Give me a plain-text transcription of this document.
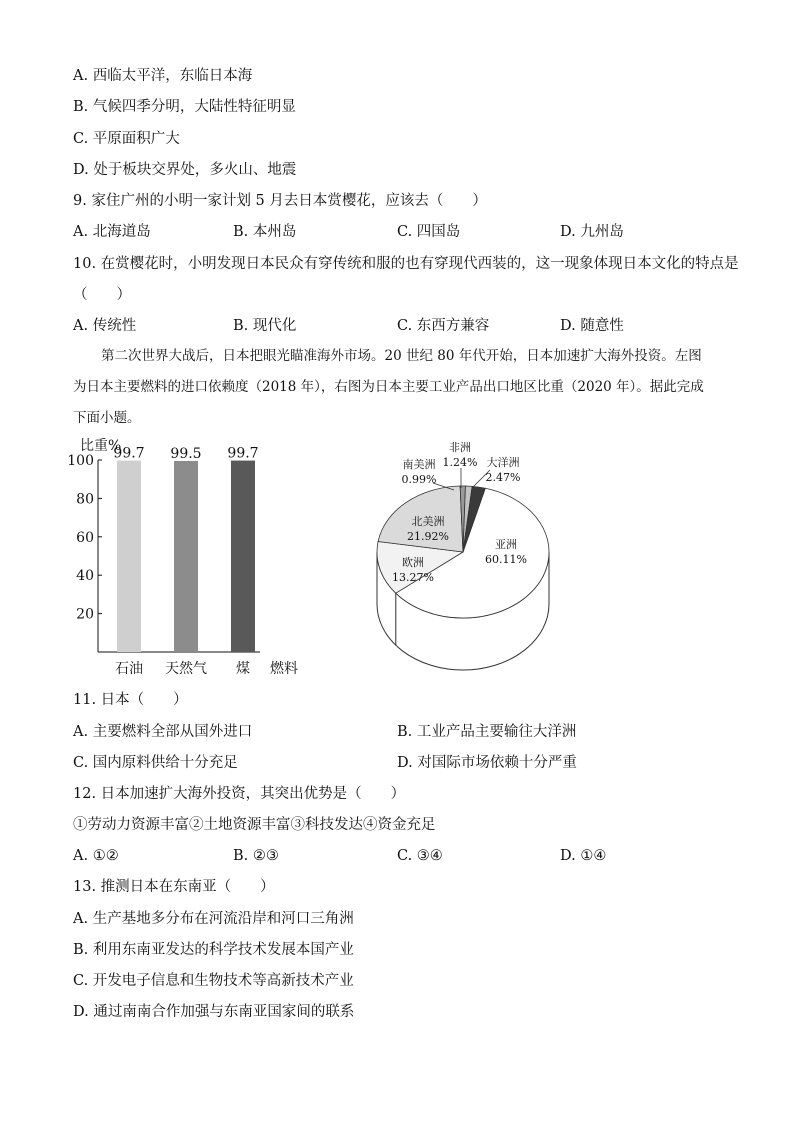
A. 西临太平洋，东临日本海
B. 气候四季分明，大陆性特征明显
C. 平原面积广大
D. 处于板块交界处，多火山、地震
9. 家住广州的小明一家计划 5 月去日本赏樱花，应该去（　　）
A. 北海道岛	B. 本州岛	C. 四国岛	D. 九州岛
10. 在赏樱花时，小明发现日本民众有穿传统和服的也有穿现代西装的，这一现象体现日本文化的特点是
（　　）
A. 传统性	B. 现代化	C. 东西方兼容	D. 随意性

第二次世界大战后，日本把眼光瞄准海外市场。20 世纪 80 年代开始，日本加速扩大海外投资。左图

为日本主要燃料的进口依赖度（2018 年），右图为日本主要工业产品出口地区比重（2020 年）。据此完成

下面小题。

比重%
燃料
20
40
60
80
100 99.7
石油
99.5
天然气
99.7
煤
亚洲
60.11%
欧洲
13.27%
北美洲
21.92%
南美洲
0.99%
非洲
1.24% 大洋洲
2.47%
11. 日本（　　）
A. 主要燃料全部从国外进口	B. 工业产品主要输往大洋洲
C. 国内原料供给十分充足	D. 对国际市场依赖十分严重
12. 日本加速扩大海外投资，其突出优势是（　　）
①劳动力资源丰富②土地资源丰富③科技发达④资金充足
A. ①②	B. ②③	C. ③④	D. ①④
13. 推测日本在东南亚（　　）
A. 生产基地多分布在河流沿岸和河口三角洲
B. 利用东南亚发达的科学技术发展本国产业
C. 开发电子信息和生物技术等高新技术产业
D. 通过南南合作加强与东南亚国家间的联系
